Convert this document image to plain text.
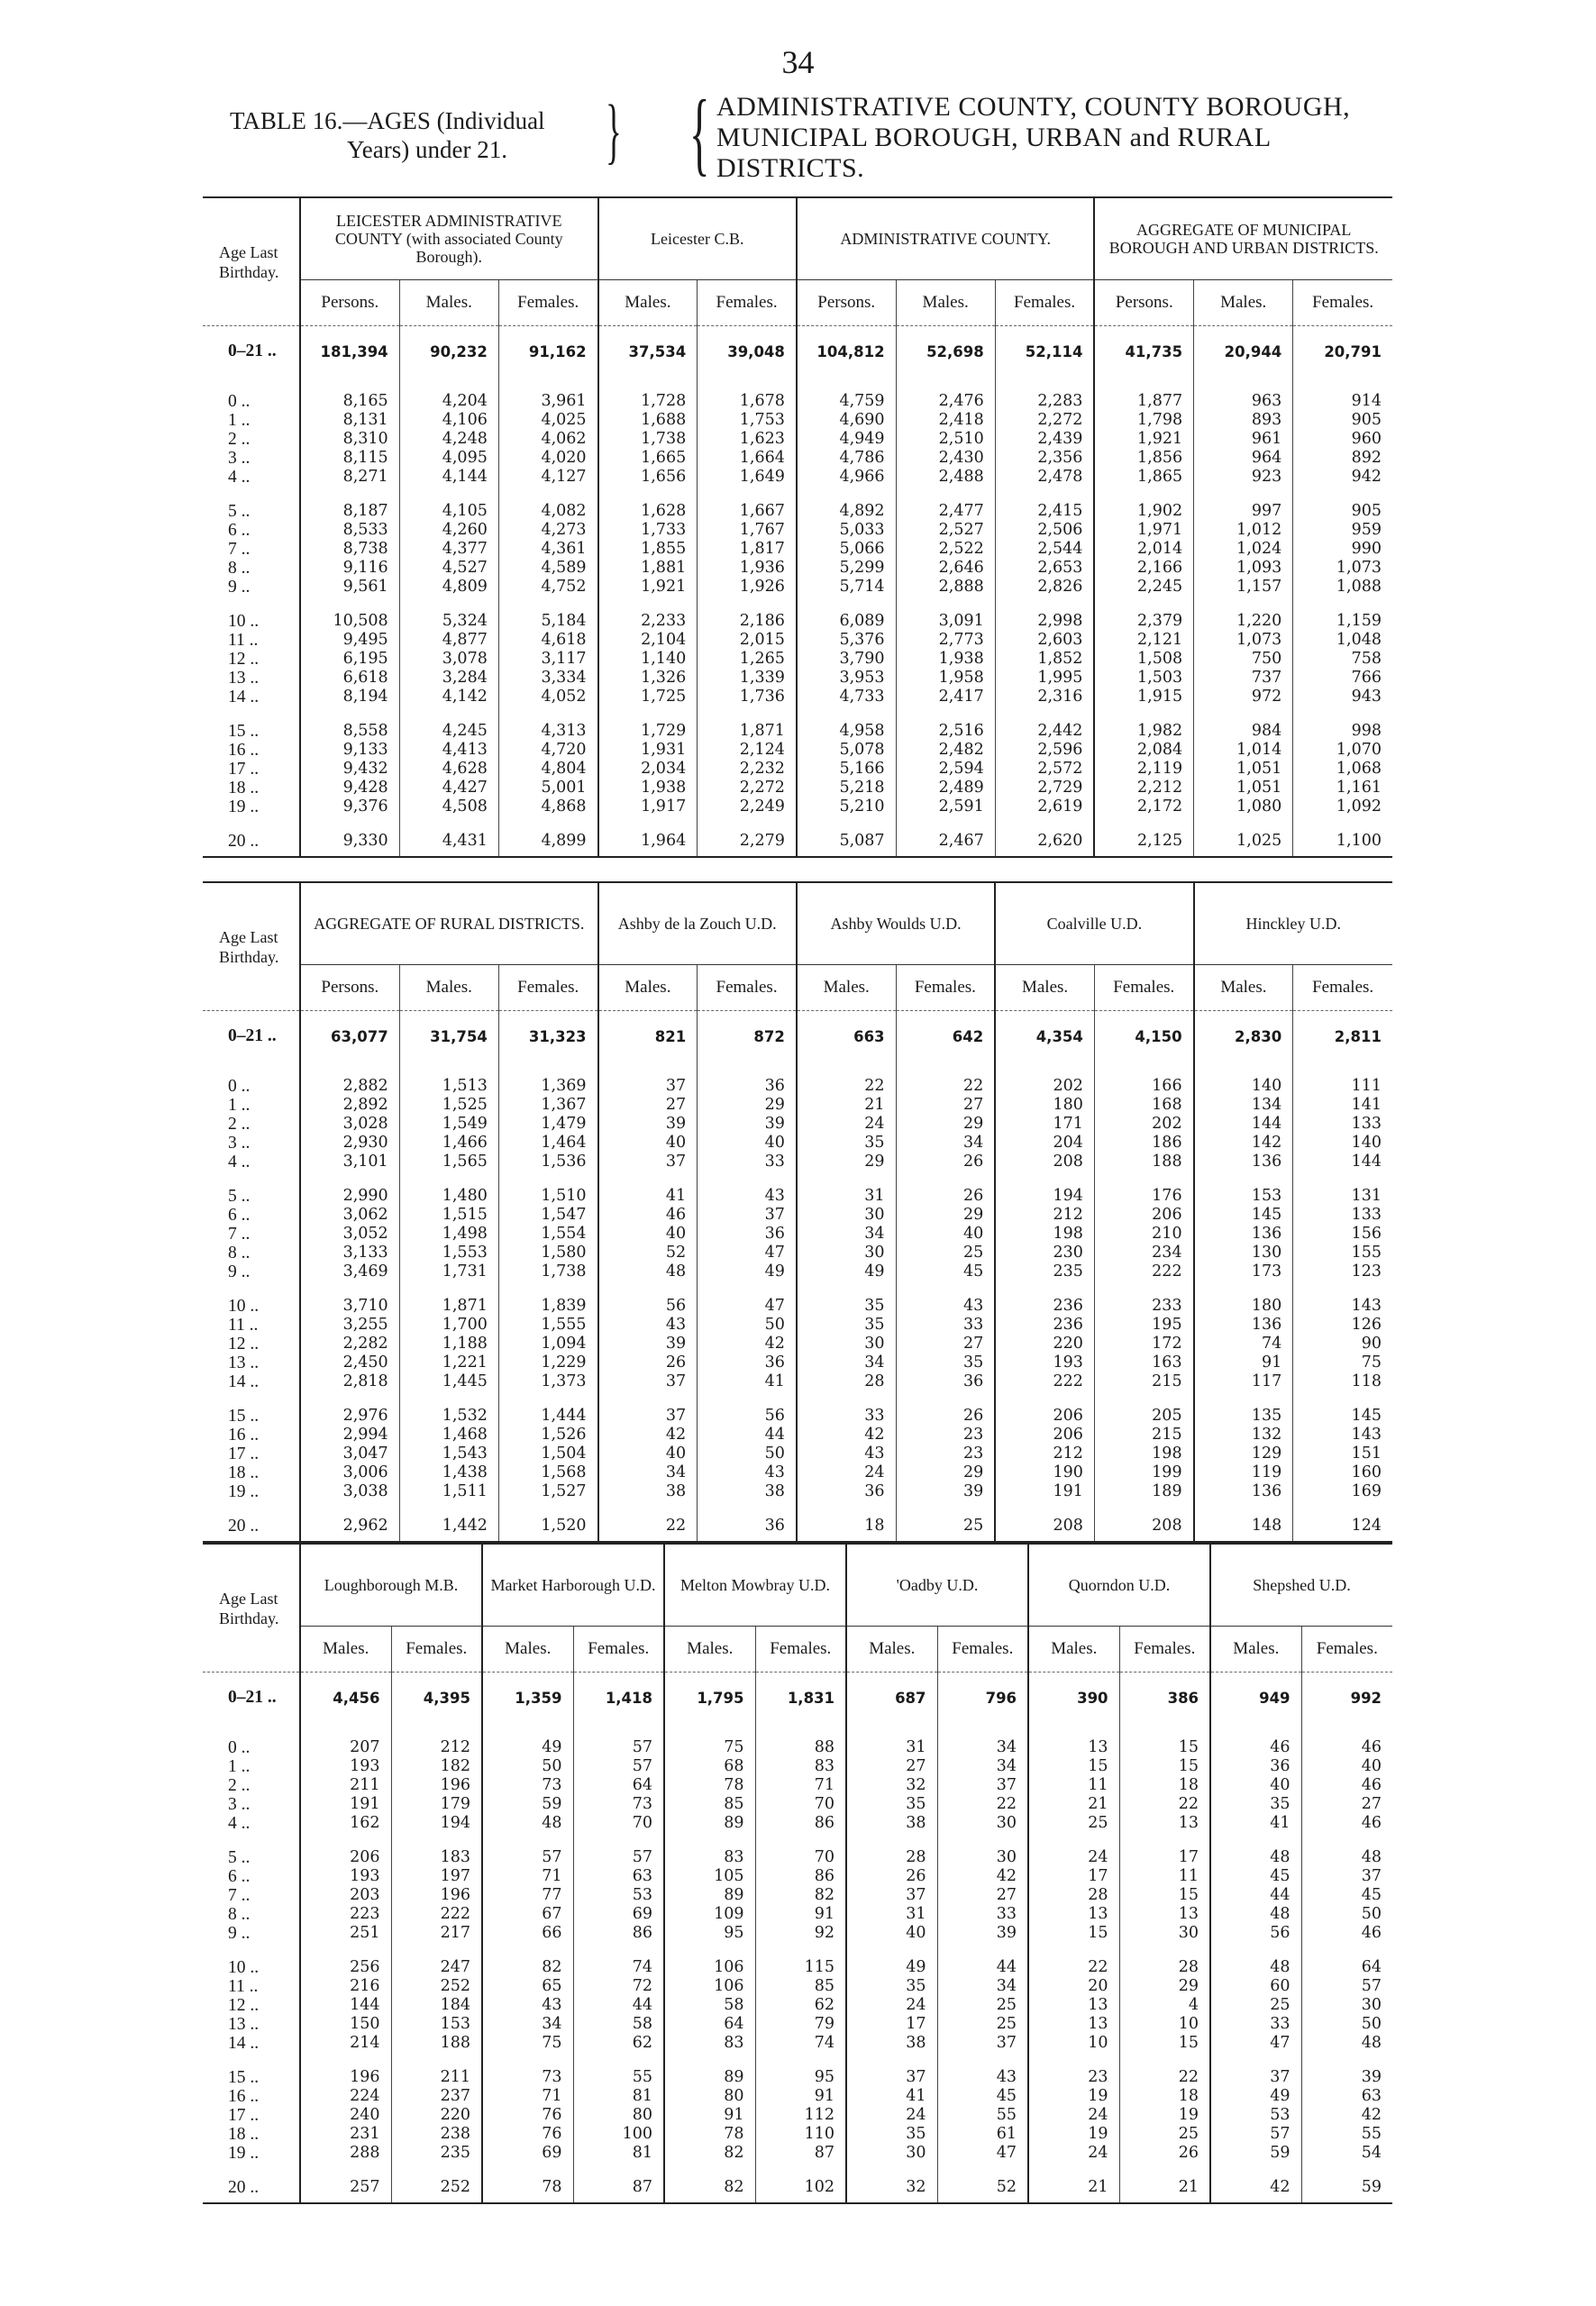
34
TABLE 16.—AGES (Individual

Years) under 21.	} { ADMINISTRATIVE COUNTY, COUNTY BOROUGH, MUNICIPAL BOROUGH, URBAN and RURAL DISTRICTS.
Age Last Birthday.	LEICESTER ADMINISTRATIVE COUNTY (with associated County Borough).			Leicester C.B.		ADMINISTRATIVE COUNTY.			AGGREGATE OF MUNICIPAL BOROUGH AND URBAN DISTRICTS.		
	Persons.	Males.	Females.	Males.	Females.	Persons.	Males.	Females.	Persons.	Males.	Females.

0–21 ..	181,394	90,232	91,162	37,534	39,048	104,812	52,698	52,114	41,735	20,944	20,791

0 ..	8,165	4,204	3,961	1,728	1,678	4,759	2,476	2,283	1,877	963	914
1 ..	8,131	4,106	4,025	1,688	1,753	4,690	2,418	2,272	1,798	893	905
2 ..	8,310	4,248	4,062	1,738	1,623	4,949	2,510	2,439	1,921	961	960
3 ..	8,115	4,095	4,020	1,665	1,664	4,786	2,430	2,356	1,856	964	892
4 ..	8,271	4,144	4,127	1,656	1,649	4,966	2,488	2,478	1,865	923	942

5 ..	8,187	4,105	4,082	1,628	1,667	4,892	2,477	2,415	1,902	997	905
6 ..	8,533	4,260	4,273	1,733	1,767	5,033	2,527	2,506	1,971	1,012	959
7 ..	8,738	4,377	4,361	1,855	1,817	5,066	2,522	2,544	2,014	1,024	990
8 ..	9,116	4,527	4,589	1,881	1,936	5,299	2,646	2,653	2,166	1,093	1,073
9 ..	9,561	4,809	4,752	1,921	1,926	5,714	2,888	2,826	2,245	1,157	1,088

10 ..	10,508	5,324	5,184	2,233	2,186	6,089	3,091	2,998	2,379	1,220	1,159
11 ..	9,495	4,877	4,618	2,104	2,015	5,376	2,773	2,603	2,121	1,073	1,048
12 ..	6,195	3,078	3,117	1,140	1,265	3,790	1,938	1,852	1,508	750	758
13 ..	6,618	3,284	3,334	1,326	1,339	3,953	1,958	1,995	1,503	737	766
14 ..	8,194	4,142	4,052	1,725	1,736	4,733	2,417	2,316	1,915	972	943

15 ..	8,558	4,245	4,313	1,729	1,871	4,958	2,516	2,442	1,982	984	998
16 ..	9,133	4,413	4,720	1,931	2,124	5,078	2,482	2,596	2,084	1,014	1,070
17 ..	9,432	4,628	4,804	2,034	2,232	5,166	2,594	2,572	2,119	1,051	1,068
18 ..	9,428	4,427	5,001	1,938	2,272	5,218	2,489	2,729	2,212	1,051	1,161
19 ..	9,376	4,508	4,868	1,917	2,249	5,210	2,591	2,619	2,172	1,080	1,092

20 ..	9,330	4,431	4,899	1,964	2,279	5,087	2,467	2,620	2,125	1,025	1,100

Age Last Birthday.	AGGREGATE OF RURAL DISTRICTS.			Ashby de la Zouch U.D.		Ashby Woulds U.D.		Coalville U.D.		Hinckley U.D.	
	Persons.	Males.	Females.	Males.	Females.	Males.	Females.	Males.	Females.	Males.	Females.

0–21 ..	63,077	31,754	31,323	821	872	663	642	4,354	4,150	2,830	2,811

0 ..	2,882	1,513	1,369	37	36	22	22	202	166	140	111
1 ..	2,892	1,525	1,367	27	29	21	27	180	168	134	141
2 ..	3,028	1,549	1,479	39	39	24	29	171	202	144	133
3 ..	2,930	1,466	1,464	40	40	35	34	204	186	142	140
4 ..	3,101	1,565	1,536	37	33	29	26	208	188	136	144

5 ..	2,990	1,480	1,510	41	43	31	26	194	176	153	131
6 ..	3,062	1,515	1,547	46	37	30	29	212	206	145	133
7 ..	3,052	1,498	1,554	40	36	34	40	198	210	136	156
8 ..	3,133	1,553	1,580	52	47	30	25	230	234	130	155
9 ..	3,469	1,731	1,738	48	49	49	45	235	222	173	123

10 ..	3,710	1,871	1,839	56	47	35	43	236	233	180	143
11 ..	3,255	1,700	1,555	43	50	35	33	236	195	136	126
12 ..	2,282	1,188	1,094	39	42	30	27	220	172	74	90
13 ..	2,450	1,221	1,229	26	36	34	35	193	163	91	75
14 ..	2,818	1,445	1,373	37	41	28	36	222	215	117	118

15 ..	2,976	1,532	1,444	37	56	33	26	206	205	135	145
16 ..	2,994	1,468	1,526	42	44	42	23	206	215	132	143
17 ..	3,047	1,543	1,504	40	50	43	23	212	198	129	151
18 ..	3,006	1,438	1,568	34	43	24	29	190	199	119	160
19 ..	3,038	1,511	1,527	38	38	36	39	191	189	136	169

20 ..	2,962	1,442	1,520	22	36	18	25	208	208	148	124

Age Last Birthday.	Loughborough M.B.		Market Harborough U.D.		Melton Mowbray U.D.		'Oadby U.D.		Quorndon U.D.		Shepshed U.D.	
	Males.	Females.	Males.	Females.	Males.	Females.	Males.	Females.	Males.	Females.	Males.	Females.

0–21 ..	4,456	4,395	1,359	1,418	1,795	1,831	687	796	390	386	949	992

0 ..	207	212	49	57	75	88	31	34	13	15	46	46
1 ..	193	182	50	57	68	83	27	34	15	15	36	40
2 ..	211	196	73	64	78	71	32	37	11	18	40	46
3 ..	191	179	59	73	85	70	35	22	21	22	35	27
4 ..	162	194	48	70	89	86	38	30	25	13	41	46

5 ..	206	183	57	57	83	70	28	30	24	17	48	48
6 ..	193	197	71	63	105	86	26	42	17	11	45	37
7 ..	203	196	77	53	89	82	37	27	28	15	44	45
8 ..	223	222	67	69	109	91	31	33	13	13	48	50
9 ..	251	217	66	86	95	92	40	39	15	30	56	46

10 ..	256	247	82	74	106	115	49	44	22	28	48	64
11 ..	216	252	65	72	106	85	35	34	20	29	60	57
12 ..	144	184	43	44	58	62	24	25	13	4	25	30
13 ..	150	153	34	58	64	79	17	25	13	10	33	50
14 ..	214	188	75	62	83	74	38	37	10	15	47	48

15 ..	196	211	73	55	89	95	37	43	23	22	37	39
16 ..	224	237	71	81	80	91	41	45	19	18	49	63
17 ..	240	220	76	80	91	112	24	55	24	19	53	42
18 ..	231	238	76	100	78	110	35	61	19	25	57	55
19 ..	288	235	69	81	82	87	30	47	24	26	59	54

20 ..	257	252	78	87	82	102	32	52	21	21	42	59
